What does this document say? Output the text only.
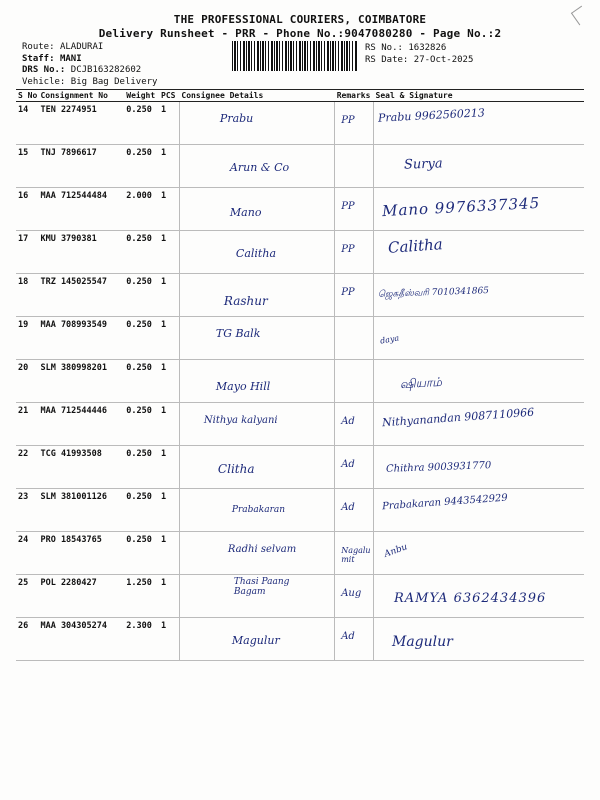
THE PROFESSIONAL COURIERS, COIMBATORE
Delivery Runsheet - PRR - Phone No.:9047080280 - Page No.:2
Route: ALADURAI
Staff: MANI
DRS No.: DCJB163282602
Vehicle: Big Bag Delivery
RS No.: 1632826
RS Date: 27-Oct-2025
S No	Consignment No	Weight	PCS	Consignee Details	Remarks	Seal & Signature
14	TEN 2274951	0.250	1	Prabu	PP	Prabu 9962560213

15	TNJ 7896617	0.250	1	Arun & Co		Surya

16	MAA 712544484	2.000	1	Mano	PP	Mano 9976337345

17	KMU 3790381	0.250	1	Calitha	PP	Calitha

18	TRZ 145025547	0.250	1	Rashur	PP	ஜெகதீஸ்வரி 7010341865

19	MAA 708993549	0.250	1	TG Balk		daya

20	SLM 380998201	0.250	1	Mayo Hill		ஷியாம்

21	MAA 712544446	0.250	1	Nithya kalyani	Ad	Nithyanandan 9087110966

22	TCG 41993508	0.250	1	Clitha	Ad	Chithra 9003931770

23	SLM 381001126	0.250	1	Prabakaran	Ad	Prabakaran 9443542929

24	PRO 18543765	0.250	1	Radhi selvam	Nagalu mit	Anbu

25	POL 2280427	1.250	1	Thasi Paang Bagam	Aug	RAMYA 6362434396

26	MAA 304305274	2.300	1	Magulur	Ad	Magulur
